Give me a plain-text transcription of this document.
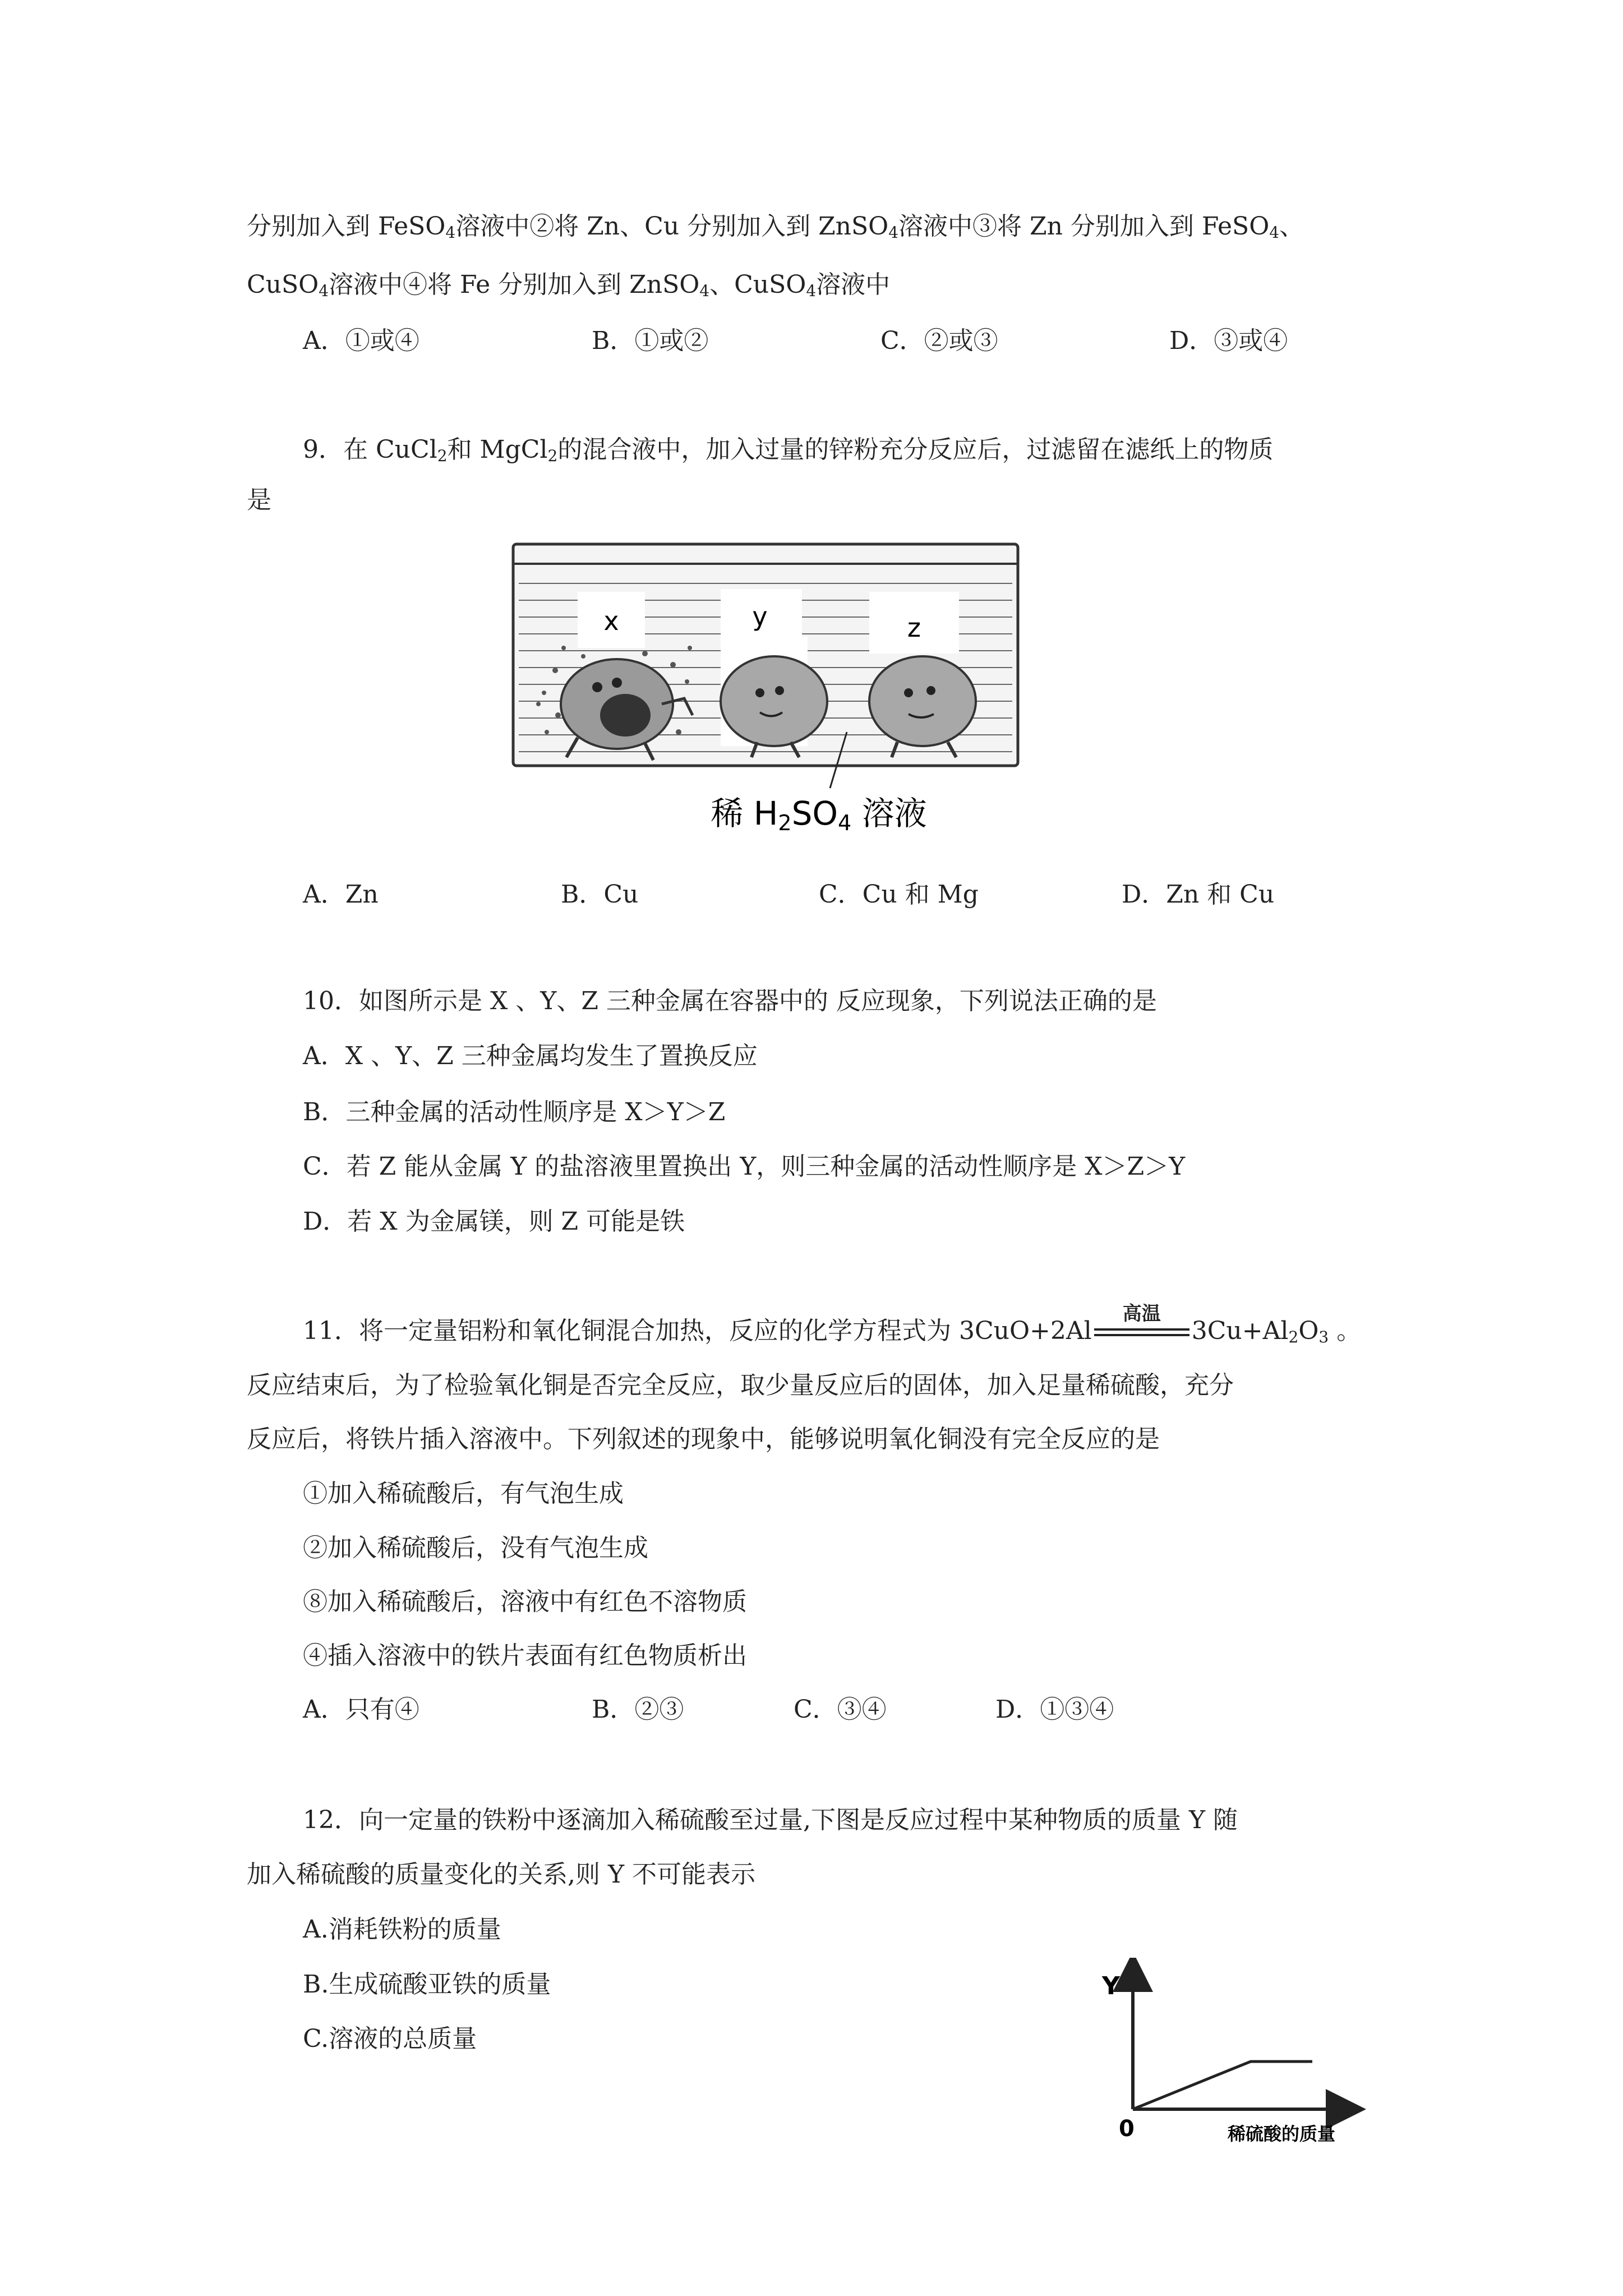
分别加入到 FeSO$_4$溶液中②将 Zn、Cu 分别加入到 ZnSO$_4$溶液中③将 Zn 分别加入到 FeSO$_4$、
CuSO$_4$溶液中④将 Fe 分别加入到 ZnSO$_4$、CuSO$_4$溶液中
A．①或④	B．①或②	C．②或③	D．③或④
9．在 CuCl$_2$和 MgCl$_2$的混合液中，加入过量的锌粉充分反应后，过滤留在滤纸上的物质
是
x	y	z
稀 H2SO4 溶液
A．Zn	B．Cu	C．Cu 和 Mg	D．Zn 和 Cu
10．如图所示是 X 、Y、Z 三种金属在容器中的 反应现象，下列说法正确的是
A．X 、Y、Z 三种金属均发生了置换反应
B．三种金属的活动性顺序是 X＞Y＞Z
C．若 Z 能从金属 Y 的盐溶液里置换出 Y，则三种金属的活动性顺序是 X＞Z＞Y
D．若 X 为金属镁，则 Z 可能是铁
11．将一定量铝粉和氧化铜混合加热，反应的化学方程式为 3CuO+2Al
高温
$3Cu+Al_2O_3$ 。
反应结束后，为了检验氧化铜是否完全反应，取少量反应后的固体，加入足量稀硫酸，充分
反应后，将铁片插入溶液中。下列叙述的现象中，能够说明氧化铜没有完全反应的是
①加入稀硫酸后，有气泡生成
②加入稀硫酸后，没有气泡生成
⑧加入稀硫酸后，溶液中有红色不溶物质
④插入溶液中的铁片表面有红色物质析出
A．只有④	B．②③	C．③④	D．①③④
12．向一定量的铁粉中逐滴加入稀硫酸至过量,下图是反应过程中某种物质的质量 Y 随
加入稀硫酸的质量变化的关系,则 Y 不可能表示
A.消耗铁粉的质量
B.生成硫酸亚铁的质量
C.溶液的总质量
Y
0	稀硫酸的质量
